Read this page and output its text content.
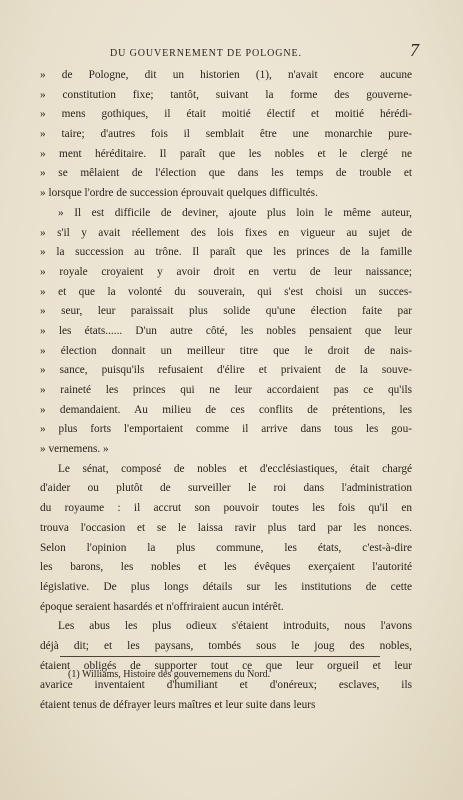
DU GOUVERNEMENT DE POLOGNE.	7
» de Pologne, dit un historien (1), n'avait encore aucune
» constitution fixe; tantôt, suivant la forme des gouverne-
» mens gothiques, il était moitié électif et moitié hérédi-
» taire; d'autres fois il semblait être une monarchie pure-
» ment héréditaire. Il paraît que les nobles et le clergé ne
» se mêlaient de l'élection que dans les temps de trouble et
» lorsque l'ordre de succession éprouvait quelques difficultés.
» Il est difficile de deviner, ajoute plus loin le même auteur,
» s'il y avait réellement des lois fixes en vigueur au sujet de
» la succession au trône. Il paraît que les princes de la famille
» royale croyaient y avoir droit en vertu de leur naissance;
» et que la volonté du souverain, qui s'est choisi un succes-
» seur, leur paraissait plus solide qu'une élection faite par
» les états...... D'un autre côté, les nobles pensaient que leur
» élection donnait un meilleur titre que le droit de nais-
» sance, puisqu'ils refusaient d'élire et privaient de la souve-
» raineté les princes qui ne leur accordaient pas ce qu'ils
» demandaient. Au milieu de ces conflits de prétentions, les
» plus forts l'emportaient comme il arrive dans tous les gou-
» vernemens. »
Le sénat, composé de nobles et d'ecclésiastiques, était chargé
d'aider ou plutôt de surveiller le roi dans l'administration
du royaume : il accrut son pouvoir toutes les fois qu'il en
trouva l'occasion et se le laissa ravir plus tard par les nonces.
Selon l'opinion la plus commune, les états, c'est-à-dire
les barons, les nobles et les évêques exerçaient l'autorité
législative. De plus longs détails sur les institutions de cette
époque seraient hasardés et n'offriraient aucun intérêt.
Les abus les plus odieux s'étaient introduits, nous l'avons
déjà dit; et les paysans, tombés sous le joug des nobles,
étaient obligés de supporter tout ce que leur orgueil et leur
avarice inventaient d'humiliant et d'onéreux; esclaves, ils
étaient tenus de défrayer leurs maîtres et leur suite dans leurs
(1) Williams, Histoire des gouvernemens du Nord.
